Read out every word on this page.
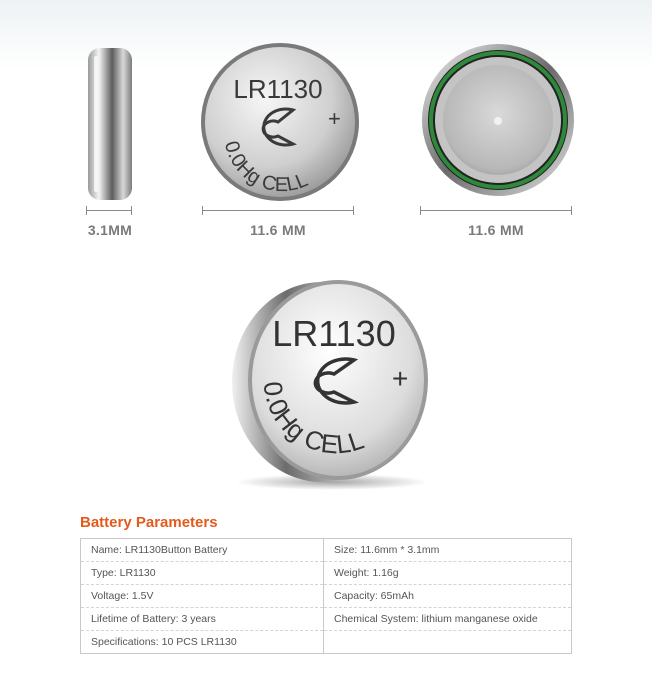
LR1130
+
0.0Hg CELL
3.1MM	11.6 MM	11.6 MM
LR1130
+
0.0Hg CELL
Battery Parameters
Name: LR1130Button Battery	Size: 11.6mm * 3.1mm
Type: LR1130	Weight: 1.16g
Voltage: 1.5V	Capacity: 65mAh
Lifetime of Battery: 3 years	Chemical System: lithium manganese oxide
Specifications: 10 PCS LR1130	
